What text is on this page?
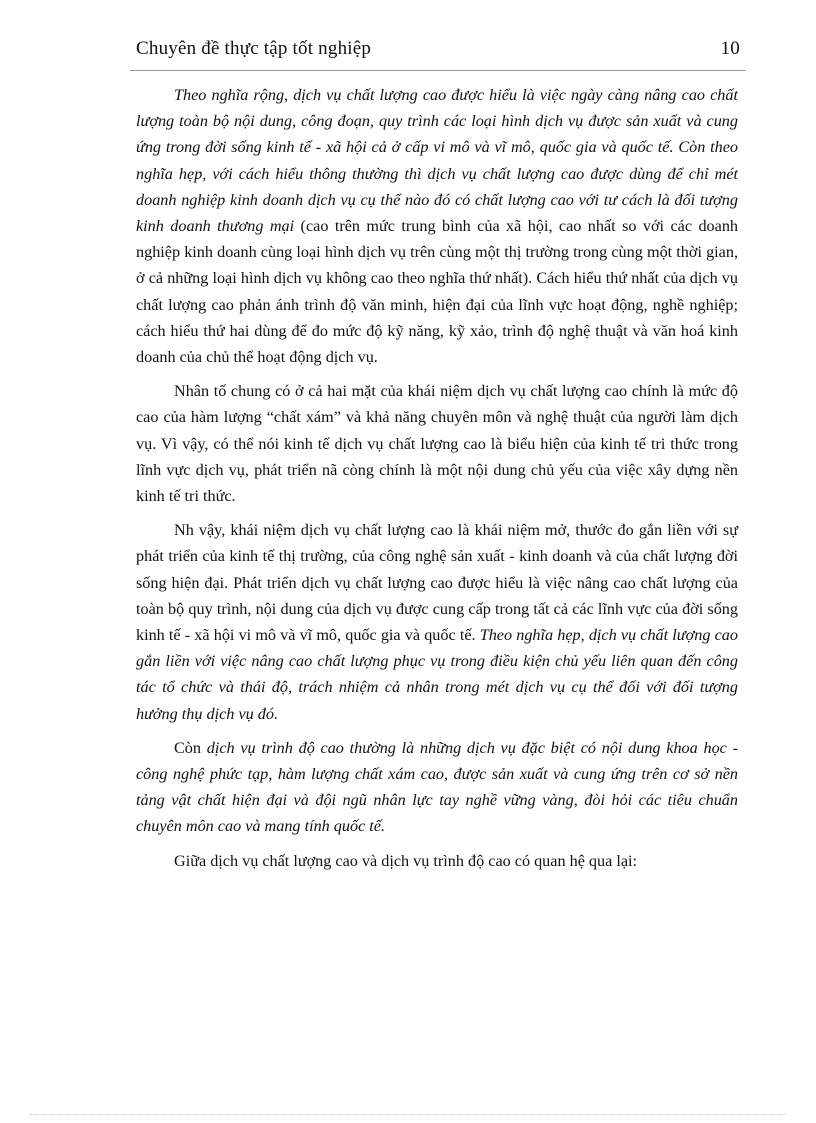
Chuyên đề thực tập tốt nghiệp	10

Theo nghĩa rộng, dịch vụ chất lượng cao được hiểu là việc ngày càng nâng cao chất lượng toàn bộ nội dung, công đoạn, quy trình các loại hình dịch vụ được sản xuất và cung ứng trong đời sống kinh tế - xã hội cả ở cấp vi mô và vĩ mô, quốc gia và quốc tế. Còn theo nghĩa hẹp, với cách hiểu thông thường thì dịch vụ chất lượng cao được dùng để chỉ mét doanh nghiệp kinh doanh dịch vụ cụ thể nào đó có chất lượng cao với tư cách là đối tượng kinh doanh thương mại (cao trên mức trung bình của xã hội, cao nhất so với các doanh nghiệp kinh doanh cùng loại hình dịch vụ trên cùng một thị trường trong cùng một thời gian, ở cả những loại hình dịch vụ không cao theo nghĩa thứ nhất). Cách hiểu thứ nhất của dịch vụ chất lượng cao phản ánh trình độ văn minh, hiện đại của lĩnh vực hoạt động, nghề nghiệp; cách hiểu thứ hai dùng để đo mức độ kỹ năng, kỹ xảo, trình độ nghệ thuật và văn hoá kinh doanh của chủ thể hoạt động dịch vụ.

Nhân tố chung có ở cả hai mặt của khái niệm dịch vụ chất lượng cao chính là mức độ cao của hàm lượng “chất xám” và khả năng chuyên môn và nghệ thuật của người làm dịch vụ. Vì vậy, có thể nói kinh tế dịch vụ chất lượng cao là biểu hiện của kinh tế tri thức trong lĩnh vực dịch vụ, phát triển nã còng chính là một nội dung chủ yếu của việc xây dựng nền kinh tế tri thức.

Nh vậy, khái niệm dịch vụ chất lượng cao là khái niệm mở, thước đo gắn liền với sự phát triển của kinh tế thị trường, của công nghệ sản xuất - kinh doanh và của chất lượng đời sống hiện đại. Phát triển dịch vụ chất lượng cao được hiểu là việc nâng cao chất lượng của toàn bộ quy trình, nội dung của dịch vụ được cung cấp trong tất cả các lĩnh vực của đời sống kinh tế - xã hội vi mô và vĩ mô, quốc gia và quốc tế. Theo nghĩa hẹp, dịch vụ chất lượng cao gắn liền với việc nâng cao chất lượng phục vụ trong điều kiện chủ yếu liên quan đến công tác tổ chức và thái độ, trách nhiệm cả nhân trong mét dịch vụ cụ thể đối với đối tượng hưởng thụ dịch vụ đó.

Còn dịch vụ trình độ cao thường là những dịch vụ đặc biệt có nội dung khoa học - công nghệ phức tạp, hàm lượng chất xám cao, được sản xuất và cung ứng trên cơ sở nền tảng vật chất hiện đại và đội ngũ nhân lực tay nghề vững vàng, đòi hỏi các tiêu chuẩn chuyên môn cao và mang tính quốc tế.

Giữa dịch vụ chất lượng cao và dịch vụ trình độ cao có quan hệ qua lại:
